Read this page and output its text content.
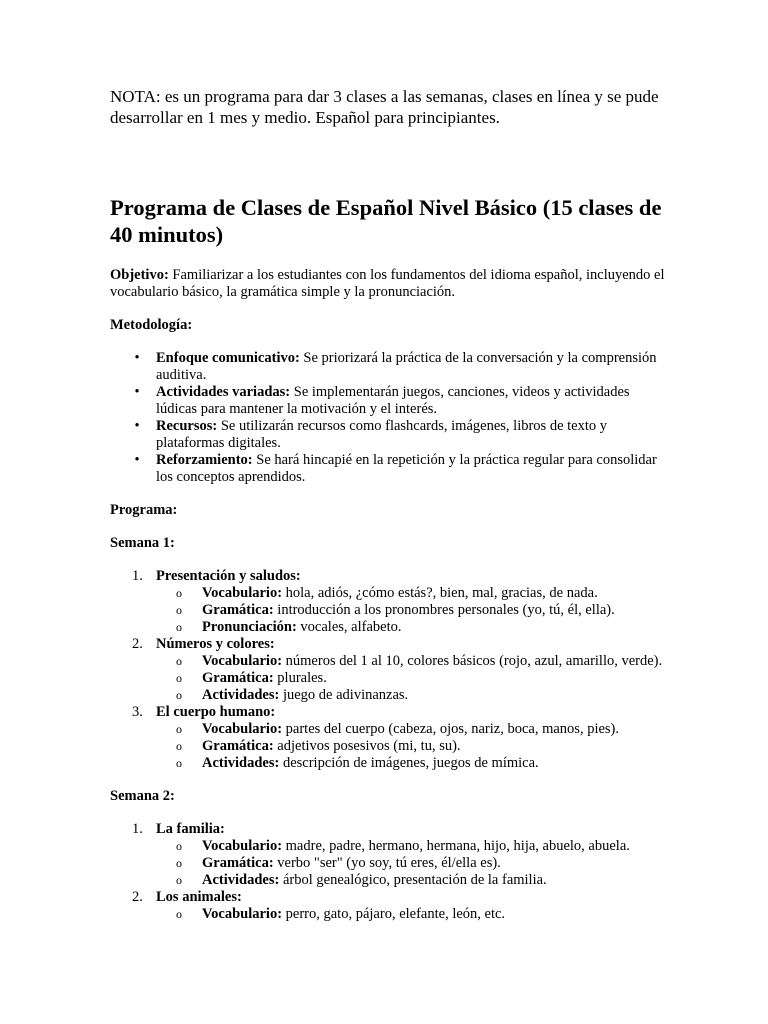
NOTA: es un programa para dar 3 clases a las semanas, clases en línea y se pude desarrollar en 1 mes y medio. Español para principiantes.

Programa de Clases de Español Nivel Básico (15 clases de 40 minutos)

Objetivo: Familiarizar a los estudiantes con los fundamentos del idioma español, incluyendo el vocabulario básico, la gramática simple y la pronunciación.

Metodología:

• Enfoque comunicativo: Se priorizará la práctica de la conversación y la comprensión auditiva.
• Actividades variadas: Se implementarán juegos, canciones, videos y actividades lúdicas para mantener la motivación y el interés.
• Recursos: Se utilizarán recursos como flashcards, imágenes, libros de texto y plataformas digitales.
• Reforzamiento: Se hará hincapié en la repetición y la práctica regular para consolidar los conceptos aprendidos.

Programa:

Semana 1:

1. Presentación y saludos:
o Vocabulario: hola, adiós, ¿cómo estás?, bien, mal, gracias, de nada.
o Gramática: introducción a los pronombres personales (yo, tú, él, ella).
o Pronunciación: vocales, alfabeto.
2. Números y colores:
o Vocabulario: números del 1 al 10, colores básicos (rojo, azul, amarillo, verde).
o Gramática: plurales.
o Actividades: juego de adivinanzas.
3. El cuerpo humano:
o Vocabulario: partes del cuerpo (cabeza, ojos, nariz, boca, manos, pies).
o Gramática: adjetivos posesivos (mi, tu, su).
o Actividades: descripción de imágenes, juegos de mímica.

Semana 2:

1. La familia:
o Vocabulario: madre, padre, hermano, hermana, hijo, hija, abuelo, abuela.
o Gramática: verbo "ser" (yo soy, tú eres, él/ella es).
o Actividades: árbol genealógico, presentación de la familia.
2. Los animales:
o Vocabulario: perro, gato, pájaro, elefante, león, etc.
